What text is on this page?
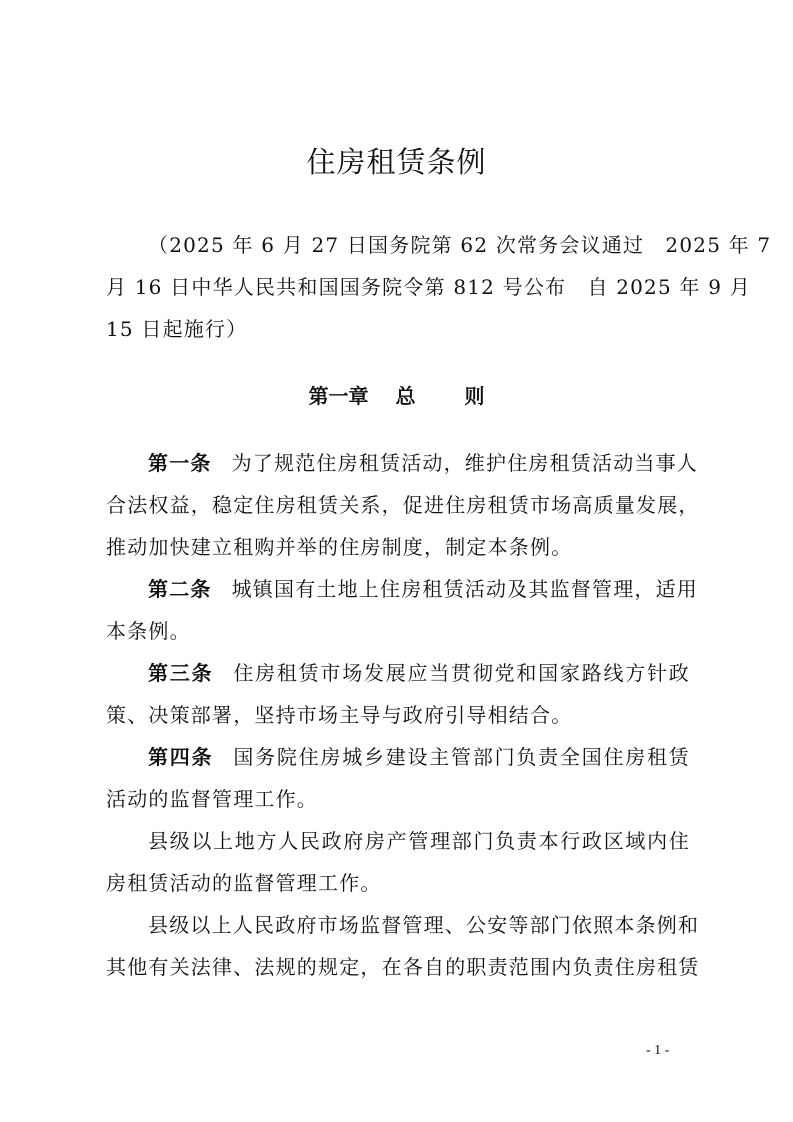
住房租赁条例
（2025 年 6 月 27 日国务院第 62 次常务会议通过　2025 年 7
月 16 日中华人民共和国国务院令第 812 号公布　自 2025 年 9 月
15 日起施行）
第一章 总 则
第一条 为了规范住房租赁活动，维护住房租赁活动当事人
合法权益，稳定住房租赁关系，促进住房租赁市场高质量发展，
推动加快建立租购并举的住房制度，制定本条例。
第二条 城镇国有土地上住房租赁活动及其监督管理，适用
本条例。
第三条 住房租赁市场发展应当贯彻党和国家路线方针政
策、决策部署，坚持市场主导与政府引导相结合。
第四条 国务院住房城乡建设主管部门负责全国住房租赁
活动的监督管理工作。
县级以上地方人民政府房产管理部门负责本行政区域内住
房租赁活动的监督管理工作。
县级以上人民政府市场监督管理、公安等部门依照本条例和
其他有关法律、法规的规定，在各自的职责范围内负责住房租赁
- 1 -
